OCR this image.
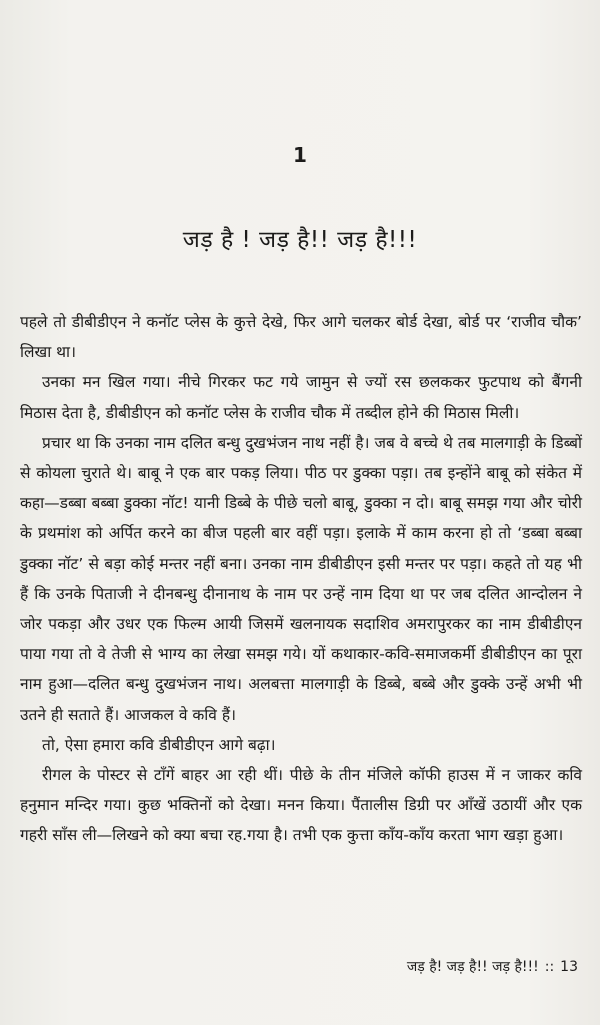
1
जड़ है ! जड़ है!! जड़ है!!!

पहले तो डीबीडीएन ने कनॉट प्लेस के कुत्ते देखे, फिर आगे चलकर बोर्ड देखा, बोर्ड पर ‘राजीव चौक’ लिखा था।

उनका मन खिल गया। नीचे गिरकर फट गये जामुन से ज्यों रस छलककर फुटपाथ को बैंगनी मिठास देता है, डीबीडीएन को कनॉट प्लेस के राजीव चौक में तब्दील होने की मिठास मिली।

प्रचार था कि उनका नाम दलित बन्धु दुखभंजन नाथ नहीं है। जब वे बच्चे थे तब मालगाड़ी के डिब्बों से कोयला चुराते थे। बाबू ने एक बार पकड़ लिया। पीठ पर डुक्का पड़ा। तब इन्होंने बाबू को संकेत में कहा—डब्बा बब्बा डुक्का नॉट! यानी डिब्बे के पीछे चलो बाबू, डुक्का न दो। बाबू समझ गया और चोरी के प्रथमांश को अर्पित करने का बीज पहली बार वहीं पड़ा। इलाके में काम करना हो तो ‘डब्बा बब्बा डुक्का नॉट’ से बड़ा कोई मन्तर नहीं बना। उनका नाम डीबीडीएन इसी मन्तर पर पड़ा। कहते तो यह भी हैं कि उनके पिताजी ने दीनबन्धु दीनानाथ के नाम पर उन्हें नाम दिया था पर जब दलित आन्दोलन ने जोर पकड़ा और उधर एक फिल्म आयी जिसमें खलनायक सदाशिव अमरापुरकर का नाम डीबीडीएन पाया गया तो वे तेजी से भाग्य का लेखा समझ गये। यों कथाकार-कवि-समाजकर्मी डीबीडीएन का पूरा नाम हुआ—दलित बन्धु दुखभंजन नाथ। अलबत्ता मालगाड़ी के डिब्बे, बब्बे और डुक्के उन्हें अभी भी उतने ही सताते हैं। आजकल वे कवि हैं।

तो, ऐसा हमारा कवि डीबीडीएन आगे बढ़ा।

रीगल के पोस्टर से टाँगें बाहर आ रही थीं। पीछे के तीन मंजिले कॉफी हाउस में न जाकर कवि हनुमान मन्दिर गया। कुछ भक्तिनों को देखा। मनन किया। पैंतालीस डिग्री पर आँखें उठायीं और एक गहरी साँस ली—लिखने को क्या बचा रह.गया है। तभी एक कुत्ता काँय-काँय करता भाग खड़ा हुआ।

जड़ है! जड़ है!! जड़ है!!! :: 13
